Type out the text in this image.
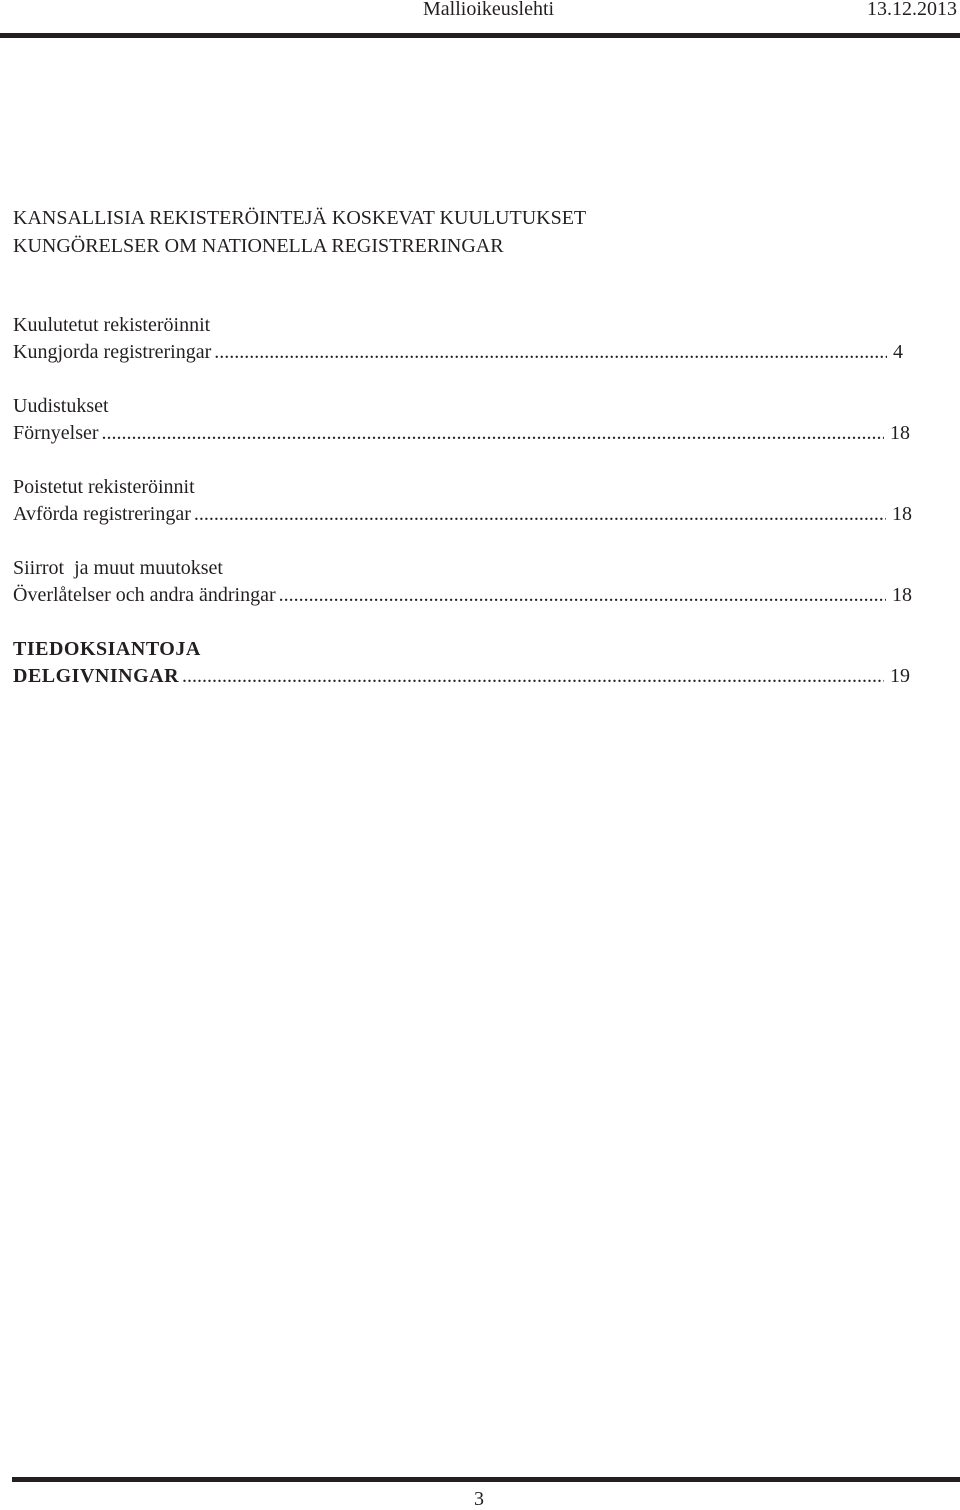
Mallioikeuslehti	13.12.2013
KANSALLISIA REKISTERÖINTEJÄ KOSKEVAT KUULUTUKSET
KUNGÖRELSER OM NATIONELLA REGISTRERINGAR
Kuulutetut rekisteröinnit
Kungjorda registreringar .....	4
Uudistukset
Förnyelser .....	18
Poistetut rekisteröinnit
Avförda registreringar .....	18
Siirrot  ja muut muutokset
Överlåtelser och andra ändringar .....	18
TIEDOKSIANTOJA
DELGIVNINGAR .....	19
3
